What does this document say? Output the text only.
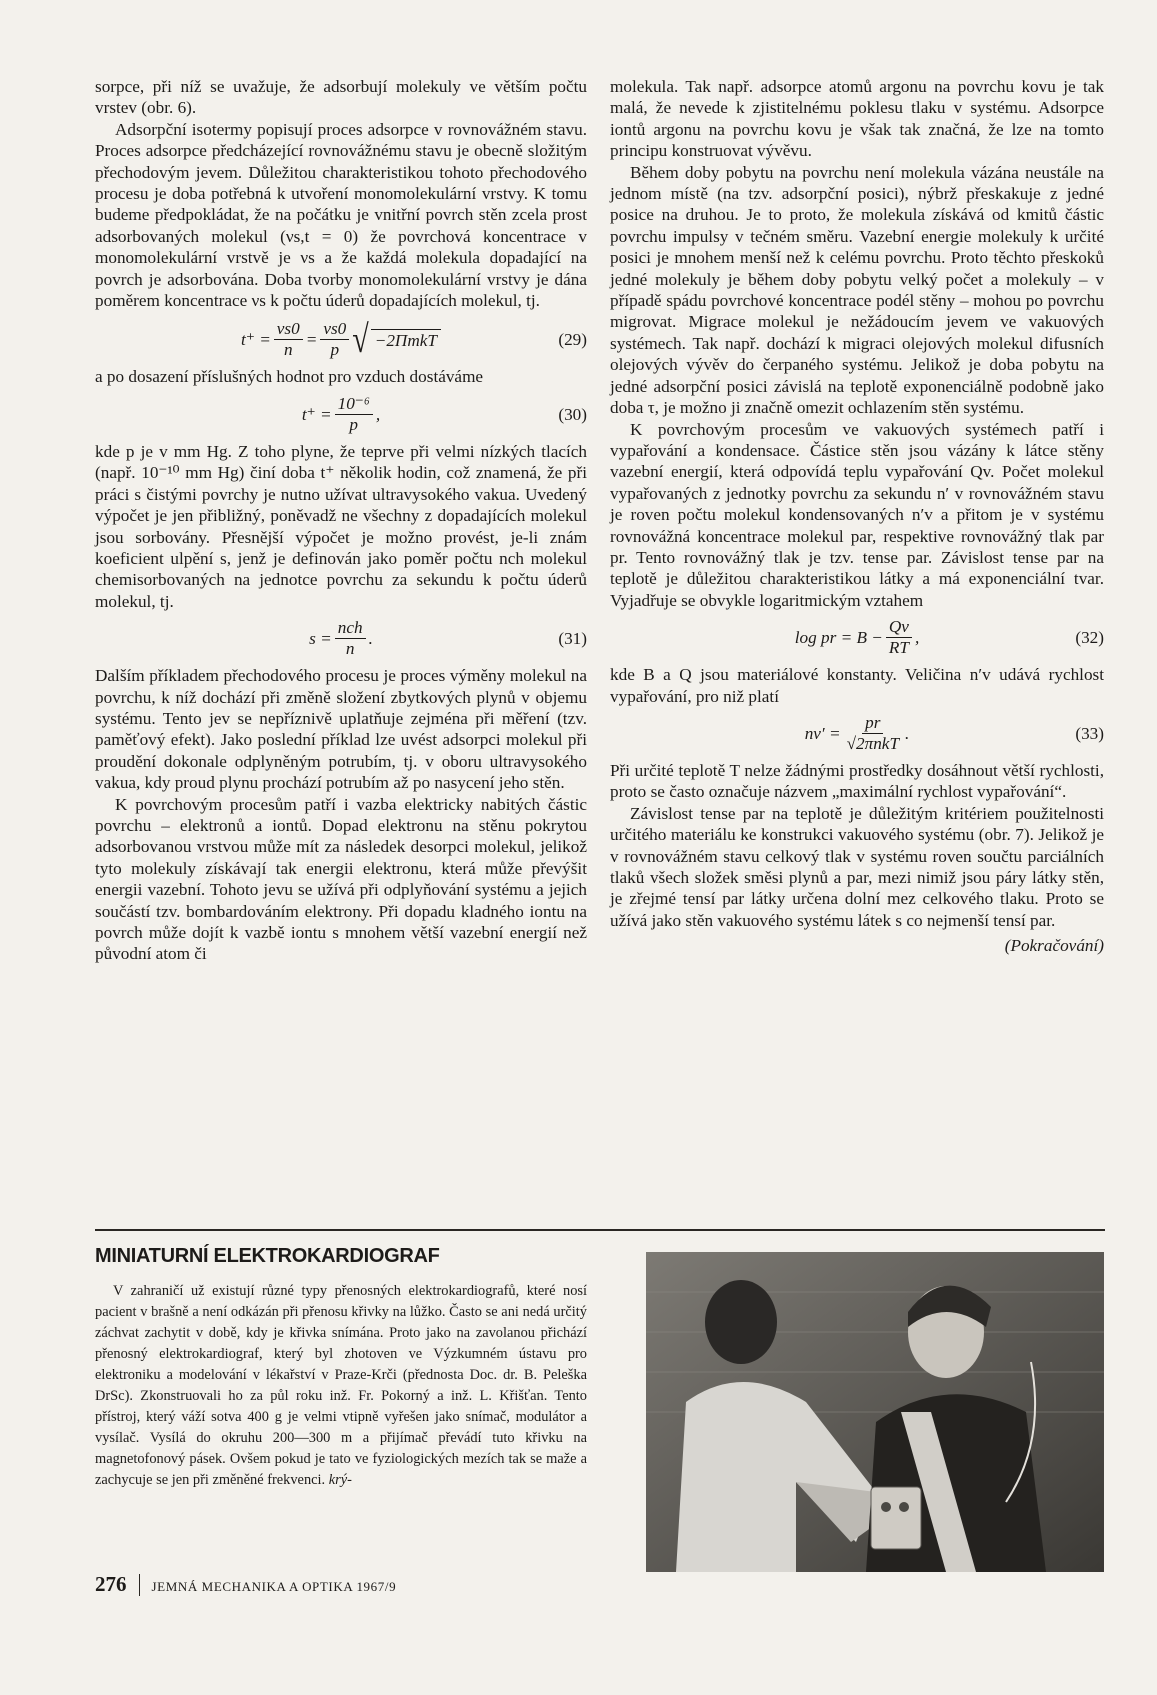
sorpce, při níž se uvažuje, že adsorbují molekuly ve větším počtu vrstev (obr. 6).

Adsorpční isotermy popisují proces adsorpce v rovnovážném stavu. Proces adsorpce předcházející rovnovážnému stavu je obecně složitým přechodovým jevem. Důležitou charakteristikou tohoto přechodového procesu je doba potřebná k utvoření monomolekulární vrstvy. K tomu budeme předpokládat, že na počátku je vnitřní povrch stěn zcela prost adsorbovaných molekul (νs,t = 0) že povrchová koncentrace v monomolekulární vrstvě je νs a že každá molekula dopadající na povrch je adsorbována. Doba tvorby monomolekulární vrstvy je dána poměrem koncentrace νs k počtu úderů dopadajících molekul, tj.

$t^+ = \frac{\nu s0}{n} = \frac{\nu s0}{p}$ √ −2ΠmkT	(29)

a po dosazení příslušných hodnot pro vzduch dostáváme

$t^+ = \frac{\text{10⁻⁶}}{p}$ ,	(30)

kde p je v mm Hg. Z toho plyne, že teprve při velmi nízkých tlacích (např. 10⁻¹⁰ mm Hg) činí doba t⁺ několik hodin, což znamená, že při práci s čistými povrchy je nutno užívat ultravysokého vakua. Uvedený výpočet je jen přibližný, poněvadž ne všechny z dopadajících molekul jsou sorbovány. Přesnější výpočet je možno provést, je-li znám koeficient ulpění s, jenž je definován jako poměr počtu nch molekul chemisorbovaných na jednotce povrchu za sekundu k počtu úderů molekul, tj.

$s = \frac{\text{nch}}{n}$ .	(31)

Dalším příkladem přechodového procesu je proces výměny molekul na povrchu, k níž dochází při změně složení zbytkových plynů v objemu systému. Tento jev se nepříznivě uplatňuje zejména při měření (tzv. paměťový efekt). Jako poslední příklad lze uvést adsorpci molekul při proudění dokonale odplyněným potrubím, tj. v oboru ultravysokého vakua, kdy proud plynu prochází potrubím až po nasycení jeho stěn.

K povrchovým procesům patří i vazba elektricky nabitých částic povrchu – elektronů a iontů. Dopad elektronu na stěnu pokrytou adsorbovanou vrstvou může mít za následek desorpci molekul, jelikož tyto molekuly získávají tak energii elektronu, která může převýšit energii vazební. Tohoto jevu se užívá při odplyňování systému a jejich součástí tzv. bombardováním elektrony. Při dopadu kladného iontu na povrch může dojít k vazbě iontu s mnohem větší vazební energií než původní atom či

molekula. Tak např. adsorpce atomů argonu na povrchu kovu je tak malá, že nevede k zjistitelnému poklesu tlaku v systému. Adsorpce iontů argonu na povrchu kovu je však tak značná, že lze na tomto principu konstruovat vývěvu.

Během doby pobytu na povrchu není molekula vázána neustále na jednom místě (na tzv. adsorpční posici), nýbrž přeskakuje z jedné posice na druhou. Je to proto, že molekula získává od kmitů částic povrchu impulsy v tečném směru. Vazební energie molekuly k určité posici je mnohem menší než k celému povrchu. Proto těchto přeskoků jedné molekuly je během doby pobytu velký počet a molekuly – v případě spádu povrchové koncentrace podél stěny – mohou po povrchu migrovat. Migrace molekul je nežádoucím jevem ve vakuových systémech. Tak např. dochází k migraci olejových molekul difusních olejových vývěv do čerpaného systému. Jelikož je doba pobytu na jedné adsorpční posici závislá na teplotě exponenciálně podobně jako doba τ, je možno ji značně omezit ochlazením stěn systému.

K povrchovým procesům ve vakuových systémech patří i vypařování a kondensace. Částice stěn jsou vázány k látce stěny vazební energií, která odpovídá teplu vypařování Qv. Počet molekul vypařovaných z jednotky povrchu za sekundu n′ v rovnovážném stavu je roven počtu molekul kondensovaných n′v a přitom je v systému rovnovážná koncentrace molekul par, respektive rovnovážný tlak par pr. Tento rovnovážný tlak je tzv. tense par. Závislost tense par na teplotě je důležitou charakteristikou látky a má exponenciální tvar. Vyjadřuje se obvykle logaritmickým vztahem

log pr = $B - \frac{Qv}{RT}$ ,	(32)

kde B a Q jsou materiálové konstanty. Veličina n′v udává rychlost vypařování, pro niž platí

$nv' = \frac{pr}{\text{√2πnkT}}$ .	(33)

Při určité teplotě T nelze žádnými prostředky dosáhnout větší rychlosti, proto se často označuje názvem „maximální rychlost vypařování“.

Závislost tense par na teplotě je důležitým kritériem použitelnosti určitého materiálu ke konstrukci vakuového systému (obr. 7). Jelikož je v rovnovážném stavu celkový tlak v systému roven součtu parciálních tlaků všech složek směsi plynů a par, mezi nimiž jsou páry látky stěn, je zřejmé tensí par látky určena dolní mez celkového tlaku. Proto se užívá jako stěn vakuového systému látek s co nejmenší tensí par.

(Pokračování)
MINIATURNÍ ELEKTROKARDIOGRAF

V zahraničí už existují různé typy přenosných elektrokardiografů, které nosí pacient v brašně a není odkázán při přenosu křivky na lůžko. Často se ani nedá určitý záchvat zachytit v době, kdy je křivka snímána. Proto jako na zavolanou přichází přenosný elektrokardiograf, který byl zhotoven ve Výzkumném ústavu pro elektroniku a modelování v lékařství v Praze-Krči (přednosta Doc. dr. B. Peleška DrSc). Zkonstruovali ho za půl roku inž. Fr. Pokorný a inž. L. Křišťan. Tento přístroj, který váží sotva 400 g je velmi vtipně vyřešen jako snímač, modulátor a vysílač. Vysílá do okruhu 200—300 m a přijímač převádí tuto křivku na magnetofonový pásek. Ovšem pokud je tato ve fyziologických mezích tak se maže a zachycuje se jen při změněné frekvenci. krý-

276 JEMNÁ MECHANIKA A OPTIKA 1967/9
